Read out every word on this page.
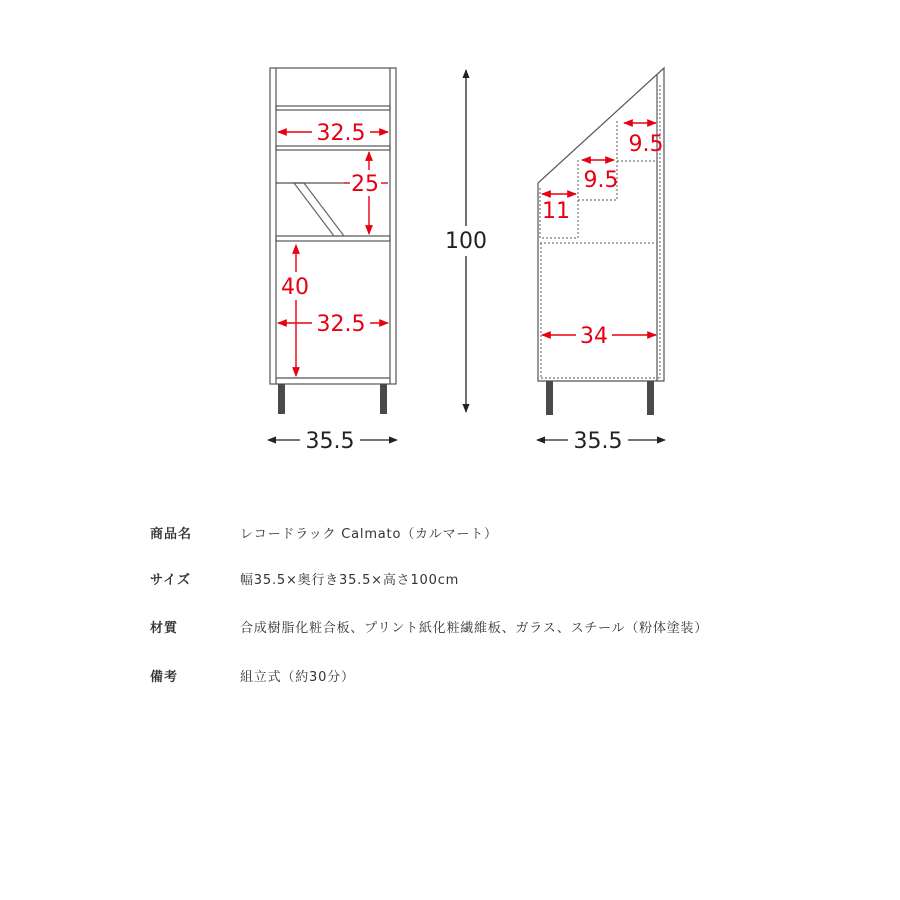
32.5
25
40
32.5
35.5
100
9.5
9.5
11
34
35.5
商品名	レコードラック Calmato（カルマート）
サイズ	幅35.5×奥行き35.5×高さ100cm
材質	合成樹脂化粧合板、プリント紙化粧繊維板、ガラス、スチール（粉体塗装）
備考	組立式（約30分）
